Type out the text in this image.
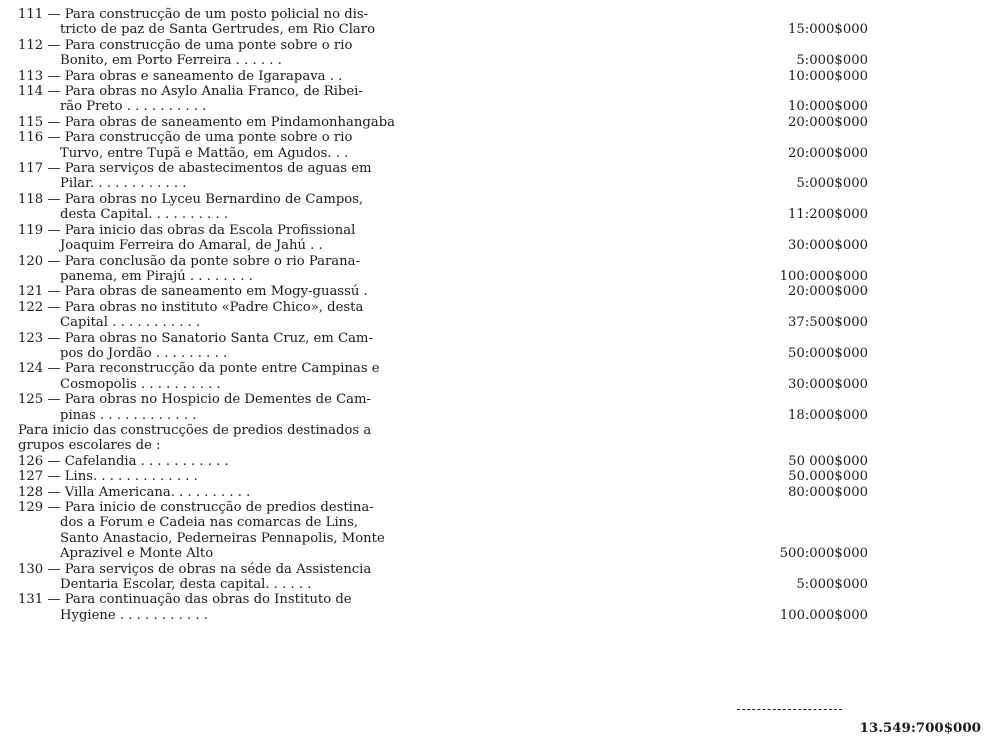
111 — Para construcção de um posto policial no dis-
tricto de paz de Santa Gertrudes, em Rio Claro	15:000$000
112 — Para construcção de uma ponte sobre o rio
Bonito, em Porto Ferreira . . . . . .	5:000$000
113 — Para obras e saneamento de Igarapava . .	10:000$000
114 — Para obras no Asylo Analia Franco, de Ribei-
rão Preto . . . . . . . . . .	10:000$000
115 — Para obras de saneamento em Pindamonhangaba	20:000$000
116 — Para construcção de uma ponte sobre o rio
Turvo, entre Tupã e Mattão, em Agudos. . .	20:000$000
117 — Para serviços de abastecimentos de aguas em
Pilar. . . . . . . . . . . .	5:000$000
118 — Para obras no Lyceu Bernardino de Campos,
desta Capital. . . . . . . . . .	11:200$000
119 — Para inicio das obras da Escola Profissional
Joaquim Ferreira do Amaral, de Jahú . .	30:000$000
120 — Para conclusão da ponte sobre o rio Parana-
panema, em Pirajú . . . . . . . .	100:000$000
121 — Para obras de saneamento em Mogy-guassú .	20:000$000
122 — Para obras no instituto «Padre Chico», desta
Capital . . . . . . . . . . .	37:500$000
123 — Para obras no Sanatorio Santa Cruz, em Cam-
pos do Jordão . . . . . . . . .	50:000$000
124 — Para reconstrucção da ponte entre Campinas e
Cosmopolis . . . . . . . . . .	30:000$000
125 — Para obras no Hospicio de Dementes de Cam-
pinas . . . . . . . . . . . .	18:000$000
Para inicio das construcções de predios destinados a
grupos escolares de :
126 — Cafelandia . . . . . . . . . . .	50 000$000
127 — Lins. . . . . . . . . . . . .	50.000$000
128 — Villa Americana. . . . . . . . . .	80:000$000
129 — Para inicio de construcção de predios destina-
dos a Forum e Cadeia nas comarcas de Lins,
Santo Anastacio, Pederneiras Pennapolis, Monte
Aprazivel e Monte Alto	500:000$000
130 — Para serviços de obras na séde da Assistencia
Dentaria Escolar, desta capital. . . . . .	5:000$000
131 — Para continuação das obras do Instituto de
Hygiene . . . . . . . . . . .	100.000$000
13.549:700$000
